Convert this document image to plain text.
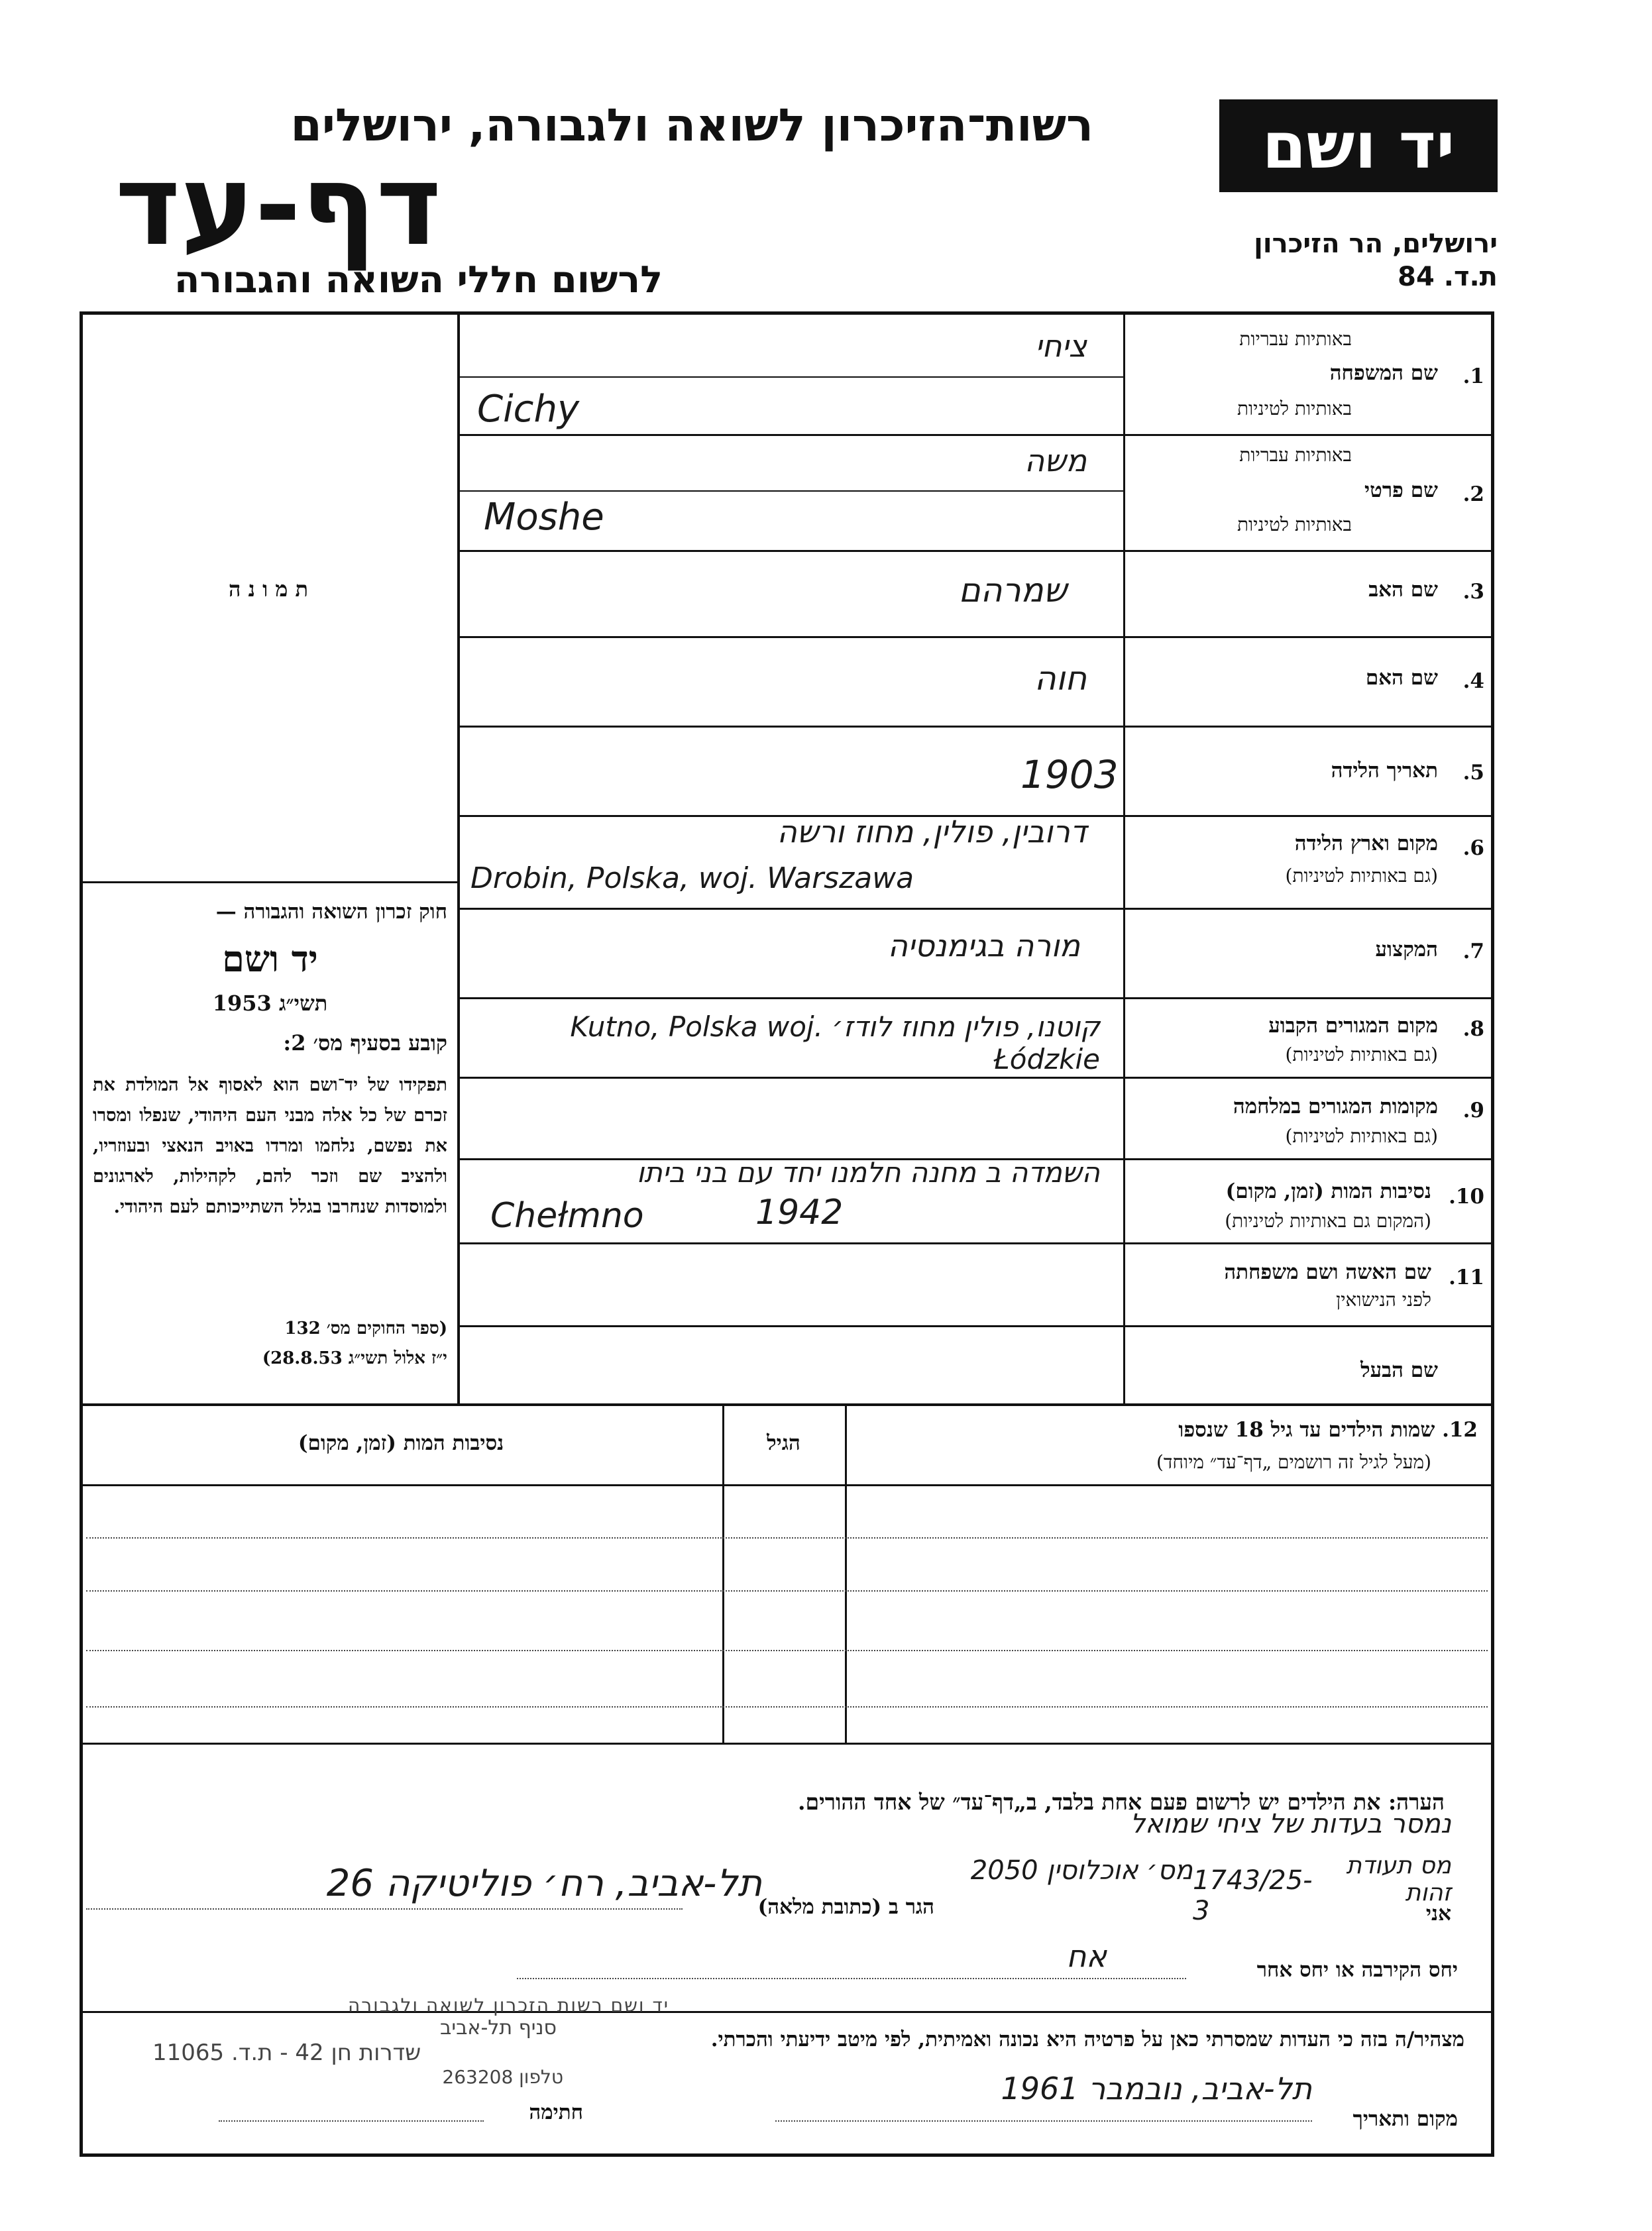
רשות־הזיכרון לשואה ולגבורה, ירושלים
דף-עד
לרשום חללי השואה והגבורה
יד ושם
ירושלים, הר הזיכרון
ת.ד. 84
ת מ ו נ ה
חוק זכרון השואה והגבורה —
יד ושם
תשי״ג 1953
קובע בסעיף מס׳ 2:
תפקידו של יד־ושם הוא לאסוף אל המולדת את זכרם של כל אלה מבני העם היהודי, שנפלו ומסרו את נפשם, נלחמו ומרדו באויב הנאצי ובעוזריו, ולהציב שם וזכר להם, לקהילות, לארגונים ולמוסדות שנחרבו בגלל השתייכותם לעם היהודי.
(ספר החוקים מס׳ 132
י״ז אלול תשי״ג 28.8.53)
1.
שם המשפחה
באותיות עבריות
באותיות לטיניות
2.
שם פרטי
באותיות עבריות
באותיות לטיניות
3.
שם האב
4.
שם האם
5.
תאריך הלידה
6.
מקום וארץ הלידה
(גם באותיות לטיניות)
7.
המקצוע
8.
מקום המגורים הקבוע
(גם באותיות לטיניות)
9.
מקומות המגורים במלחמה
(גם באותיות לטיניות)
10.
נסיבות המות (זמן, מקום)
(המקום גם באותיות לטיניות)
11.
שם האשה ושם משפחתה
לפני הנישואין
שם הבעל
ציחי
Cichy
משה
Moshe
שמרהם
חוה
1903
דרובין, פולין, מחוז ורשה
Drobin, Polska, woj. Warszawa
מורה בגימנסיה
קוטנו, פולין מחוז לודז׳ Kutno, Polska woj. Łódzkie
השמדה ב מחנה חלמנו יחד עם בני ביתו
Chełmno	1942
12. שמות הילדים עד גיל 18 שנספו
(מעל לגיל זה רושמים „דף־עד״ מיוחד)
הגיל
נסיבות המות (זמן, מקום)
הערה: את הילדים יש לרשום פעם אחת בלבד, ב„דף־עד״ של אחד ההורים.
נמסר בעדות של ציחי שמואל
מס תעודת זהות
1743/25-3	אני
מס׳ אוכלוסין 2050
הגר ב (כתובת מלאה)
תל-אביב, רח׳ פוליטיקה 26
יחס הקירבה או יחס אחר
אח
מצהיר/ה בזה כי העדות שמסרתי כאן על פרטיה היא נכונה ואמיתית, לפי מיטב ידיעתי והכרתי.
מקום ותאריך
תל-אביב, נובמבר 1961
חתימה
יד ושם רשות הזכרון לשואה ולגבורה
סניף תל-אביב
שדרות חן 42 - ת.ד. 11065
טלפון 263208
